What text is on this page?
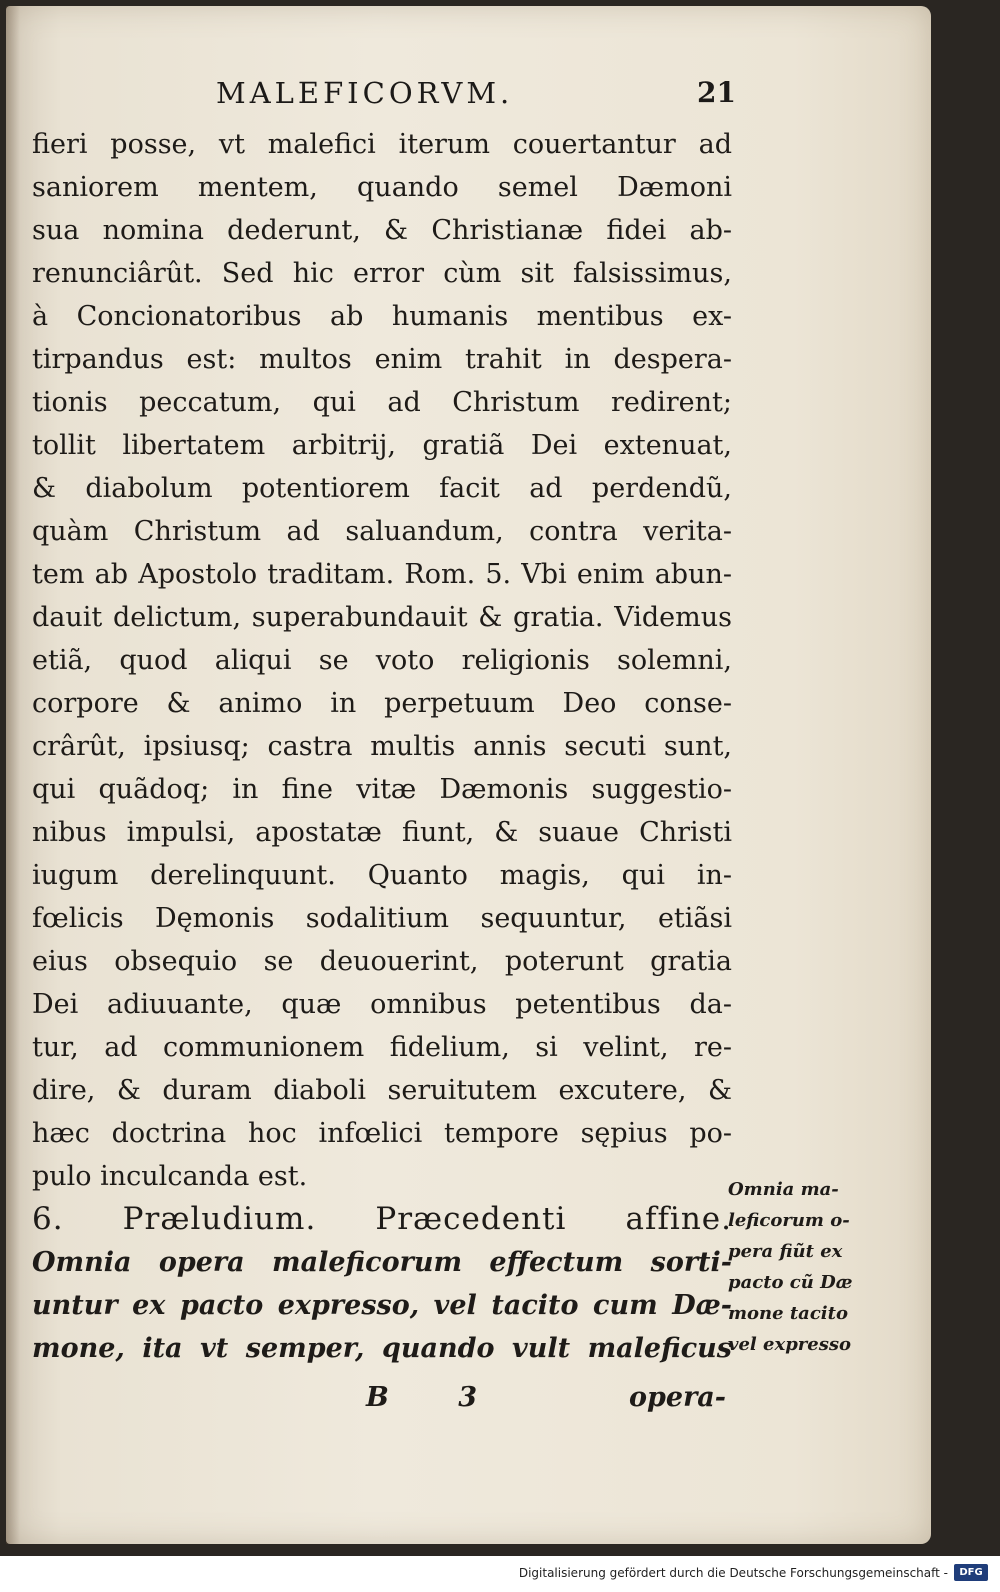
MALEFICORVM.	21
fieri posse, vt malefici iterum couertantur ad
saniorem mentem, quando semel Dæmoni
sua nomina dederunt, & Christianæ fidei ab-
renunciârût. Sed hic error cùm sit falsissimus,
à Concionatoribus ab humanis mentibus ex-
tirpandus est: multos enim trahit in despera-
tionis peccatum, qui ad Christum redirent;
tollit libertatem arbitrij, gratiã Dei extenuat,
& diabolum potentiorem facit ad perdendũ,
quàm Christum ad saluandum, contra verita-
tem ab Apostolo traditam. Rom. 5. Vbi enim abun-
dauit delictum, superabundauit & gratia. Videmus
etiã, quod aliqui se voto religionis solemni,
corpore & animo in perpetuum Deo conse-
crârût, ipsiusq; castra multis annis secuti sunt,
qui quãdoq; in fine vitæ Dæmonis suggestio-
nibus impulsi, apostatæ fiunt, & suaue Christi
iugum derelinquunt. Quanto magis, qui in-
fœlicis Dęmonis sodalitium sequuntur, etiãsi
eius obsequio se deuouerint, poterunt gratia
Dei adiuuante, quæ omnibus petentibus da-
tur, ad communionem fidelium, si velint, re-
dire, & duram diaboli seruitutem excutere, &
hæc doctrina hoc infœlici tempore sępius po-
pulo inculcanda est.
6. Præludium. Præcedenti affine.
Omnia opera maleficorum effectum sorti-
untur ex pacto expresso, vel tacito cum Dæ-
mone, ita vt semper, quando vult maleficus
Omnia ma-
leficorum o-
pera fiũt ex
pacto cũ Dæ
mone tacito
vel expresso
B 3	opera-
Digitalisierung gefördert durch die Deutsche Forschungsgemeinschaft -	DFG
